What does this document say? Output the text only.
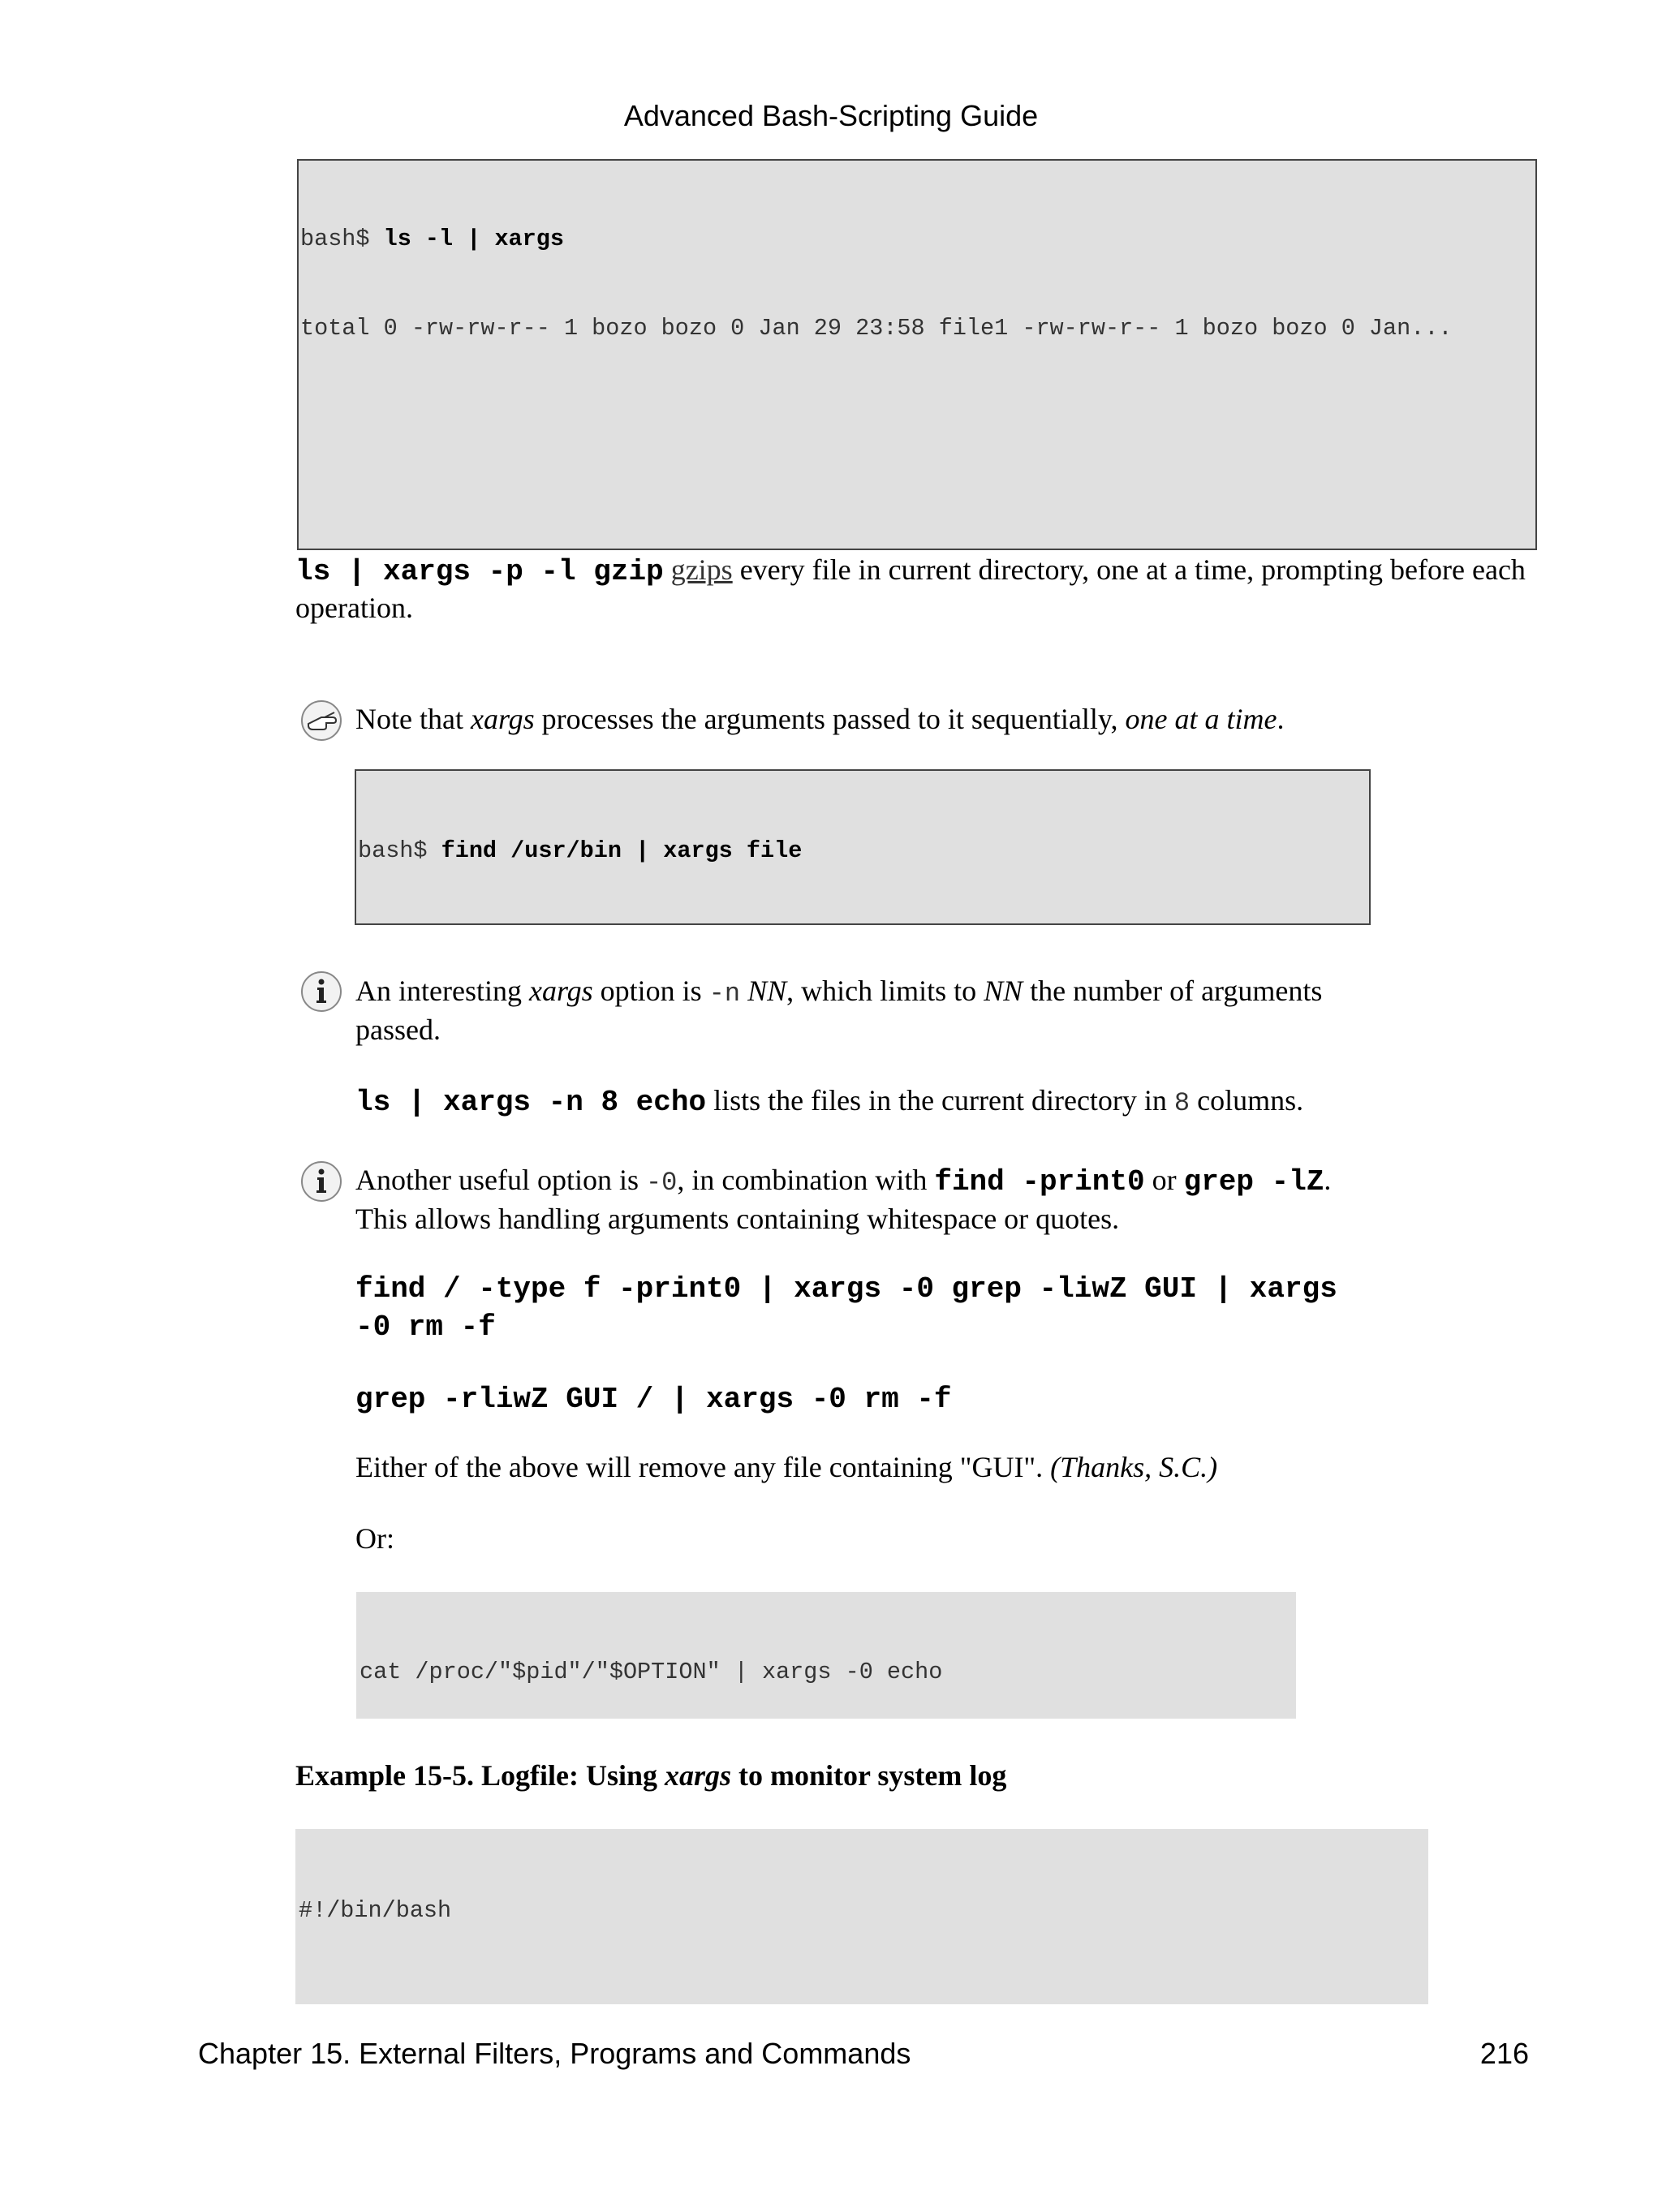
Advanced Bash-Scripting Guide

bash$ ls -l | xargs

total 0 -rw-rw-r-- 1 bozo bozo 0 Jan 29 23:58 file1 -rw-rw-r-- 1 bozo bozo 0 Jan...

ls | xargs -p -l gzip gzips every file in current directory, one at a time, prompting before each operation.
Note that xargs processes the arguments passed to it sequentially, one at a time.

bash$ find /usr/bin | xargs file

An interesting xargs option is -n NN, which limits to NN the number of arguments passed.
ls | xargs -n 8 echo lists the files in the current directory in 8 columns.
Another useful option is -0, in combination with find -print0 or grep -lZ. This allows handling arguments containing whitespace or quotes.
find / -type f -print0 | xargs -0 grep -liwZ GUI | xargs
-0 rm -f
grep -rliwZ GUI / | xargs -0 rm -f
Either of the above will remove any file containing "GUI". (Thanks, S.C.)
Or:

cat /proc/"$pid"/"$OPTION" | xargs -0 echo

Example 15-5. Logfile: Using xargs to monitor system log

#!/bin/bash

Chapter 15. External Filters, Programs and Commands	216
